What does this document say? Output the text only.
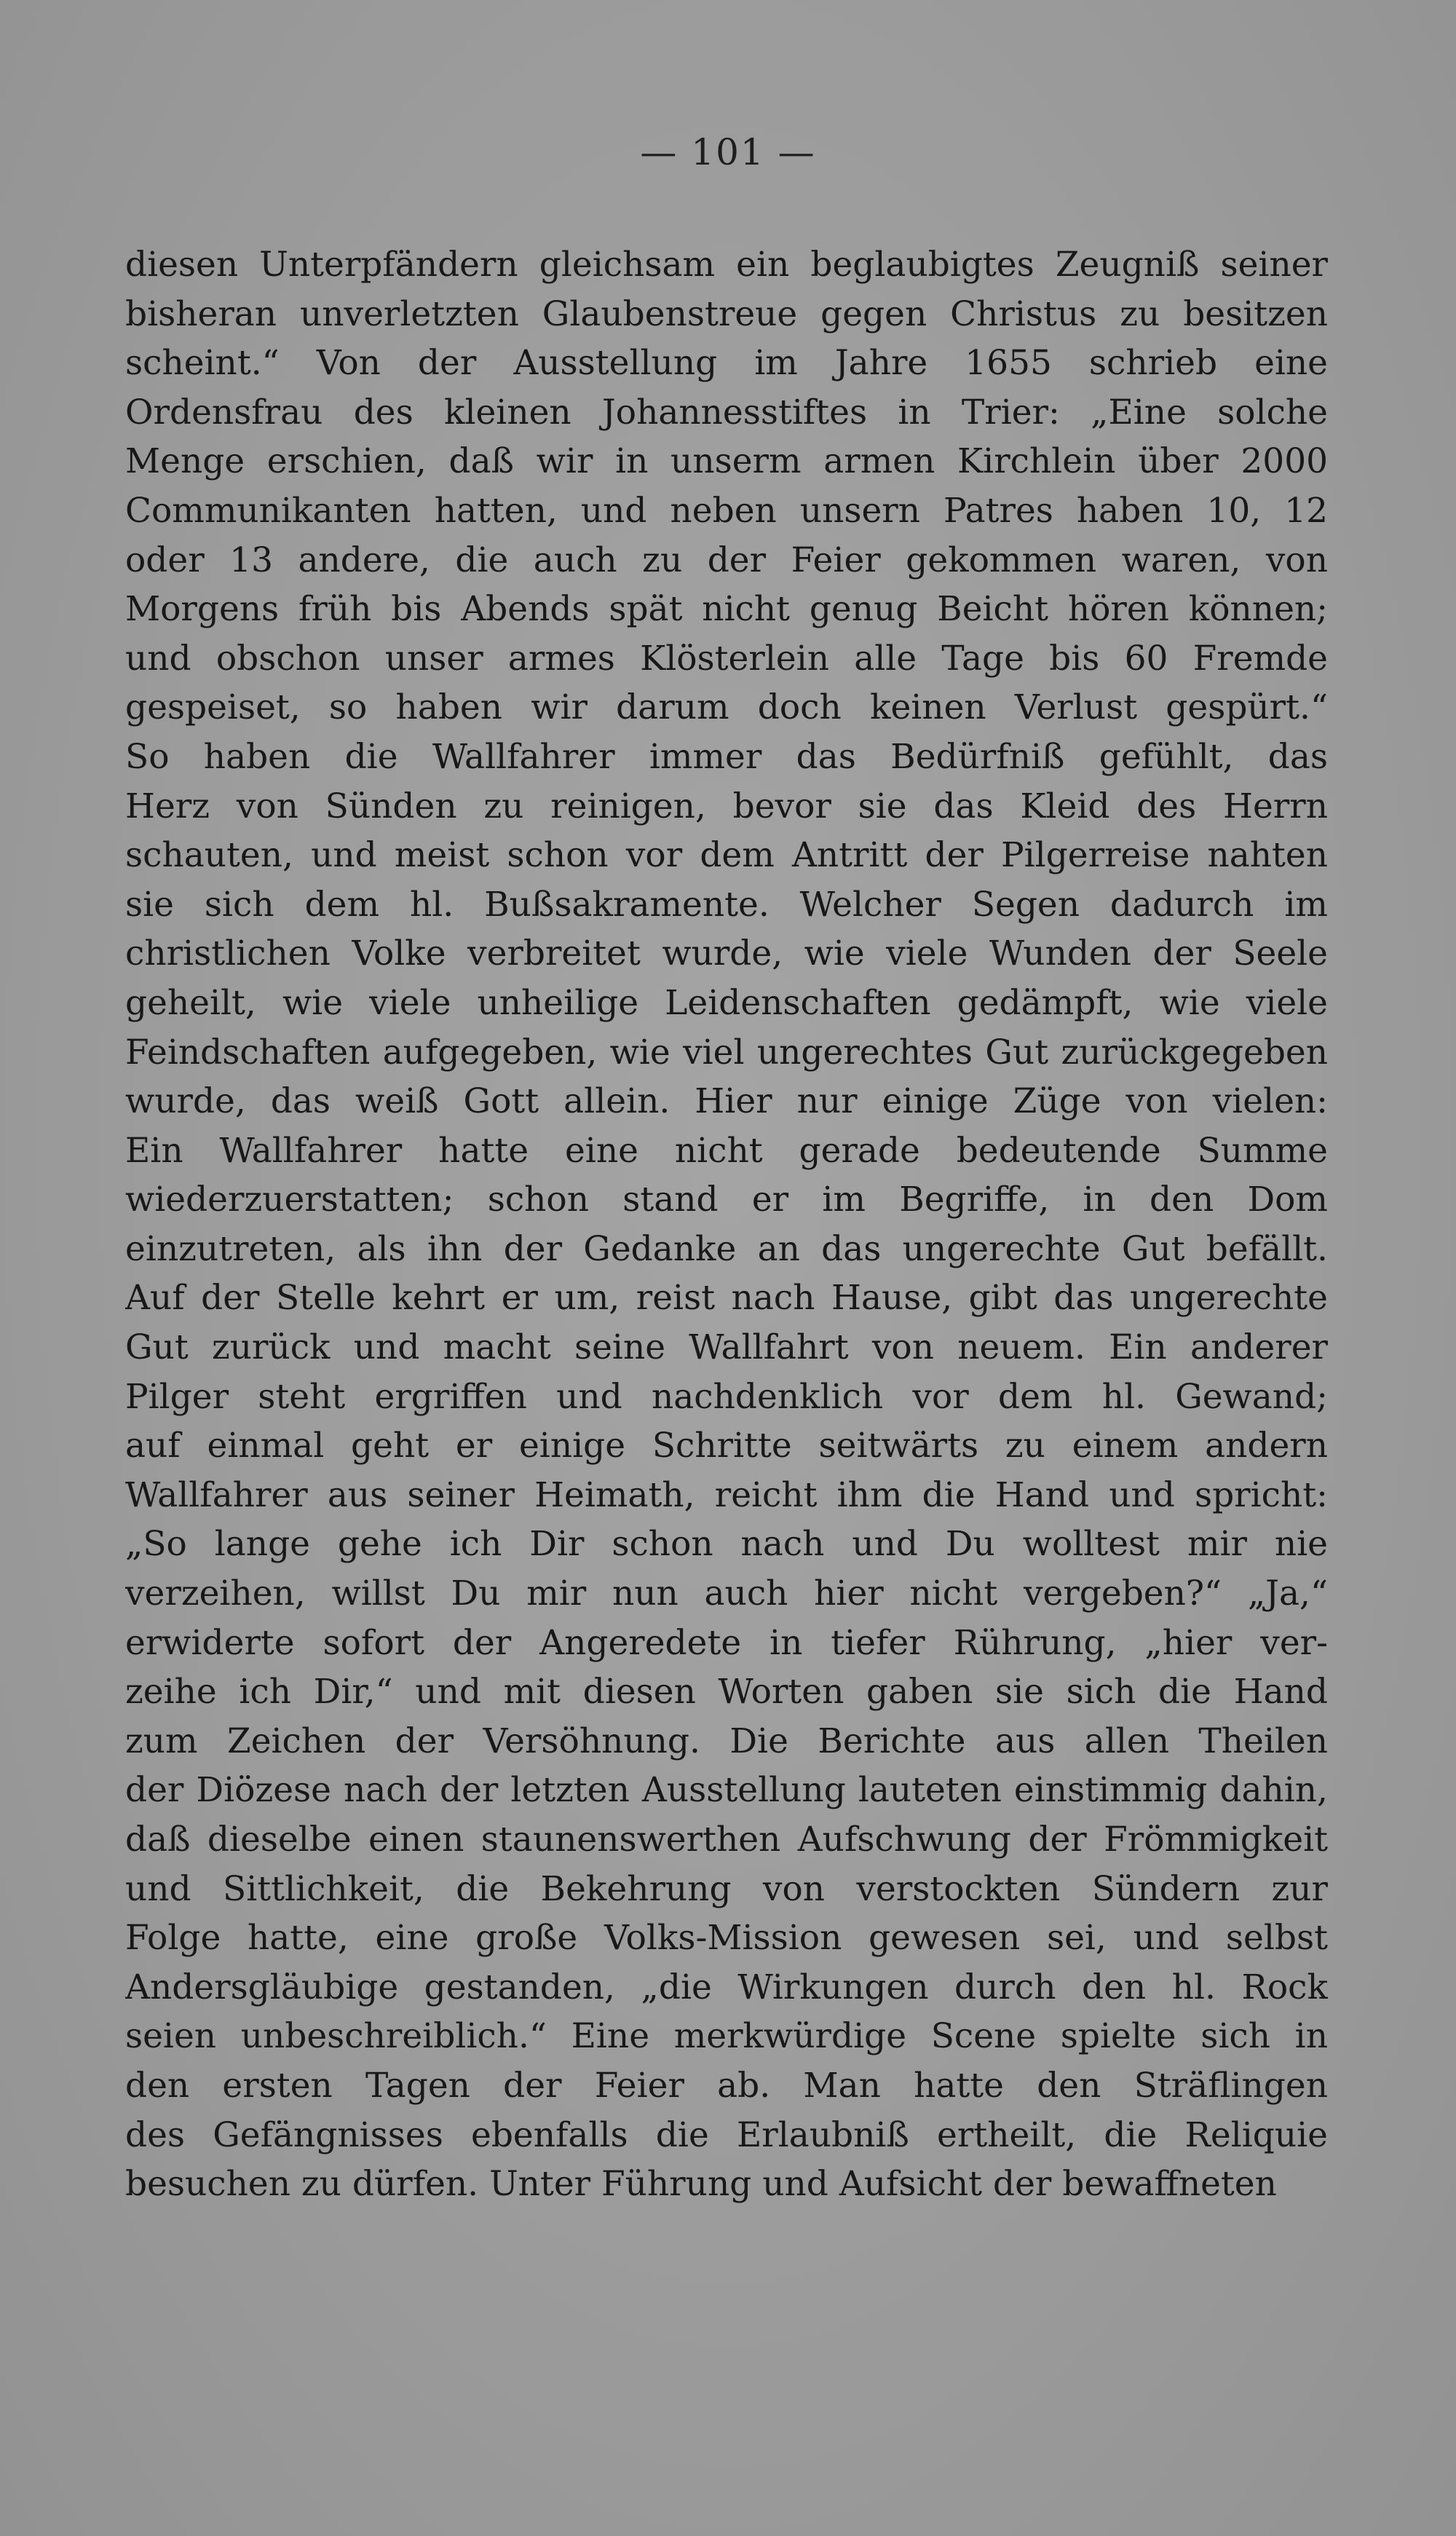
— 101 —
diesen Unterpfändern gleichsam ein beglaubigtes Zeugniß seiner
bisheran unverletzten Glaubenstreue gegen Christus zu besitzen
scheint.“ Von der Ausstellung im Jahre 1655 schrieb eine
Ordensfrau des kleinen Johannesstiftes in Trier: „Eine solche
Menge erschien, daß wir in unserm armen Kirchlein über 2000
Communikanten hatten, und neben unsern Patres haben 10, 12
oder 13 andere, die auch zu der Feier gekommen waren, von
Morgens früh bis Abends spät nicht genug Beicht hören können;
und obschon unser armes Klösterlein alle Tage bis 60 Fremde
gespeiset, so haben wir darum doch keinen Verlust gespürt.“
So haben die Wallfahrer immer das Bedürfniß gefühlt, das
Herz von Sünden zu reinigen, bevor sie das Kleid des Herrn
schauten, und meist schon vor dem Antritt der Pilgerreise nahten
sie sich dem hl. Bußsakramente. Welcher Segen dadurch im
christlichen Volke verbreitet wurde, wie viele Wunden der Seele
geheilt, wie viele unheilige Leidenschaften gedämpft, wie viele
Feindschaften aufgegeben, wie viel ungerechtes Gut zurückgegeben
wurde, das weiß Gott allein. Hier nur einige Züge von vielen:
Ein Wallfahrer hatte eine nicht gerade bedeutende Summe
wiederzuerstatten; schon stand er im Begriffe, in den Dom
einzutreten, als ihn der Gedanke an das ungerechte Gut befällt.
Auf der Stelle kehrt er um, reist nach Hause, gibt das ungerechte
Gut zurück und macht seine Wallfahrt von neuem. Ein anderer
Pilger steht ergriffen und nachdenklich vor dem hl. Gewand;
auf einmal geht er einige Schritte seitwärts zu einem andern
Wallfahrer aus seiner Heimath, reicht ihm die Hand und spricht:
„So lange gehe ich Dir schon nach und Du wolltest mir nie
verzeihen, willst Du mir nun auch hier nicht vergeben?“ „Ja,“
erwiderte sofort der Angeredete in tiefer Rührung, „hier ver-
zeihe ich Dir,“ und mit diesen Worten gaben sie sich die Hand
zum Zeichen der Versöhnung. Die Berichte aus allen Theilen
der Diözese nach der letzten Ausstellung lauteten einstimmig dahin,
daß dieselbe einen staunenswerthen Aufschwung der Frömmigkeit
und Sittlichkeit, die Bekehrung von verstockten Sündern zur
Folge hatte, eine große Volks-Mission gewesen sei, und selbst
Andersgläubige gestanden, „die Wirkungen durch den hl. Rock
seien unbeschreiblich.“ Eine merkwürdige Scene spielte sich in
den ersten Tagen der Feier ab. Man hatte den Sträflingen
des Gefängnisses ebenfalls die Erlaubniß ertheilt, die Reliquie
besuchen zu dürfen. Unter Führung und Aufsicht der bewaffneten
